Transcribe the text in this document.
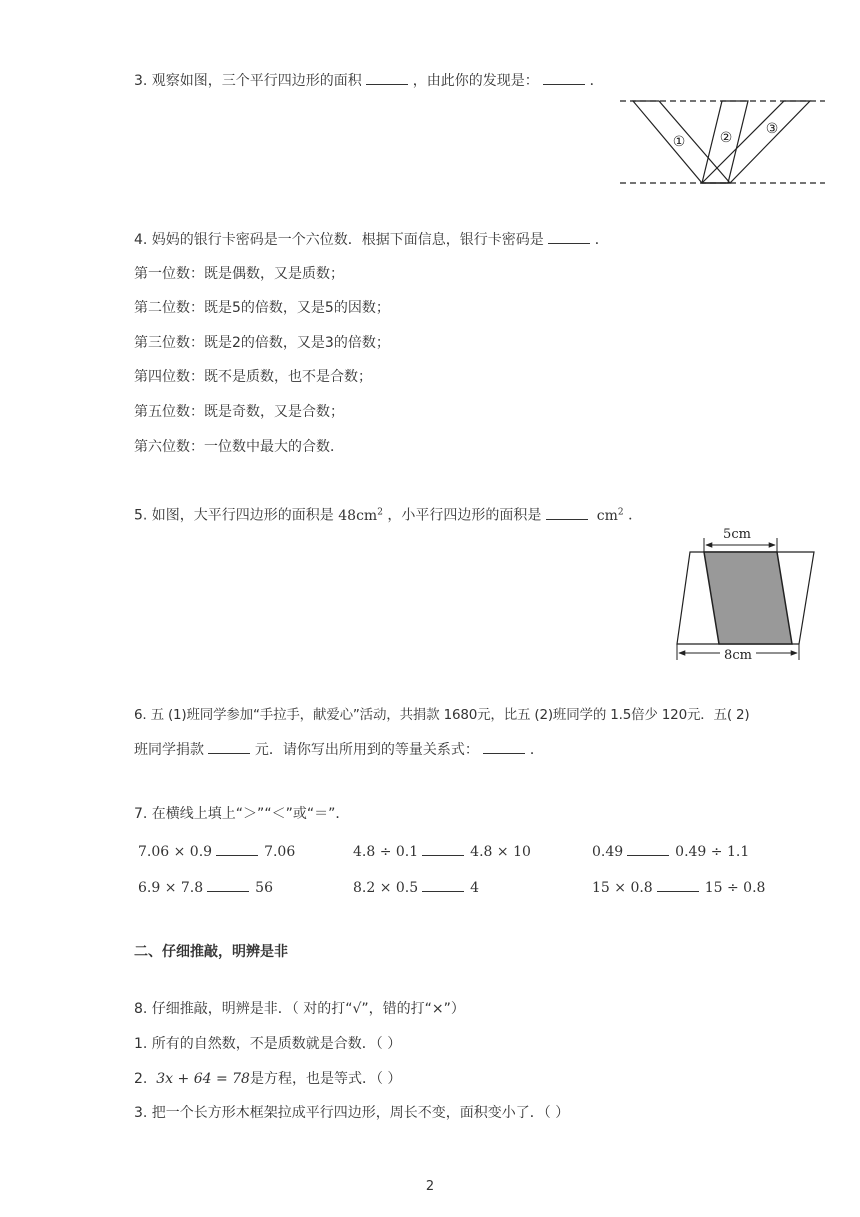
3. 观察如图，三个平行四边形的面积	，由此你的发现是：	．
① ②
③
4. 妈妈的银行卡密码是一个六位数．根据下面信息，银行卡密码是	．
第一位数：既是偶数，又是质数；
第二位数：既是5的倍数，又是5的因数；
第三位数：既是2的倍数，又是3的倍数；
第四位数：既不是质数，也不是合数；
第五位数：既是奇数，又是合数；
第六位数：一位数中最大的合数．
5. 如图，大平行四边形的面积是 $48cm^2$ ，小平行四边形的面积是	$cm^2$ ．
5cm
8cm
6. 五 (1)班同学参加“手拉手，献爱心”活动，共捐款 1680元，比五 (2)班同学的 1.5倍少 120元．五( 2)
班同学捐款	元．请你写出所用到的等量关系式：	．
7. 在横线上填上“＞”“＜”或“＝”．
7.06 × 0.9	7.06	4.8 ÷ 0.1	4.8 × 10	0.49	0.49 ÷ 1.1
6.9 × 7.8	56	8.2 × 0.5	4	15 × 0.8	15 ÷ 0.8
二、仔细推敲，明辨是非
8. 仔细推敲，明辨是非．（ 对的打“√”，错的打“×”）
1. 所有的自然数，不是质数就是合数．（ ）
2. 3x + 64 = 78是方程，也是等式．（ ）
3. 把一个长方形木框架拉成平行四边形，周长不变，面积变小了．（ ）
2
